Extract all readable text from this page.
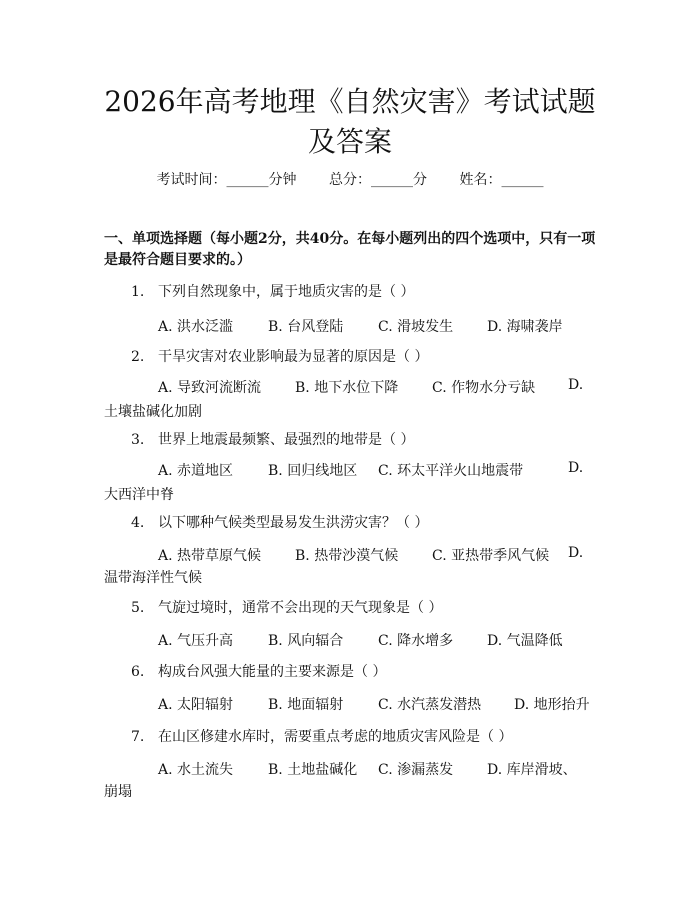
2026年高考地理《自然灾害》考试试题及答案
考试时间：______分钟 总分：______分 姓名：______
一、单项选择题（每小题2分，共40分。在每小题列出的四个选项中，只有一项是最符合题目要求的。）
1. 下列自然现象中，属于地质灾害的是（ ）
A. 洪水泛滥 B. 台风登陆 C. 滑坡发生 D. 海啸袭岸
2. 干旱灾害对农业影响最为显著的原因是（ ）
A. 导致河流断流 B. 地下水位下降 C. 作物水分亏缺 D.
土壤盐碱化加剧
3. 世界上地震最频繁、最强烈的地带是（ ）
A. 赤道地区 B. 回归线地区 C. 环太平洋火山地震带	D.
大西洋中脊
4. 以下哪种气候类型最易发生洪涝灾害？（ ）
A. 热带草原气候 B. 热带沙漠气候 C. 亚热带季风气候 D.
温带海洋性气候
5. 气旋过境时，通常不会出现的天气现象是（ ）
A. 气压升高 B. 风向辐合 C. 降水增多 D. 气温降低
6. 构成台风强大能量的主要来源是（ ）
A. 太阳辐射 B. 地面辐射 C. 水汽蒸发潜热 D. 地形抬升
7. 在山区修建水库时，需要重点考虑的地质灾害风险是（ ）
A. 水土流失 B. 土地盐碱化 C. 渗漏蒸发 D. 库岸滑坡、
崩塌
